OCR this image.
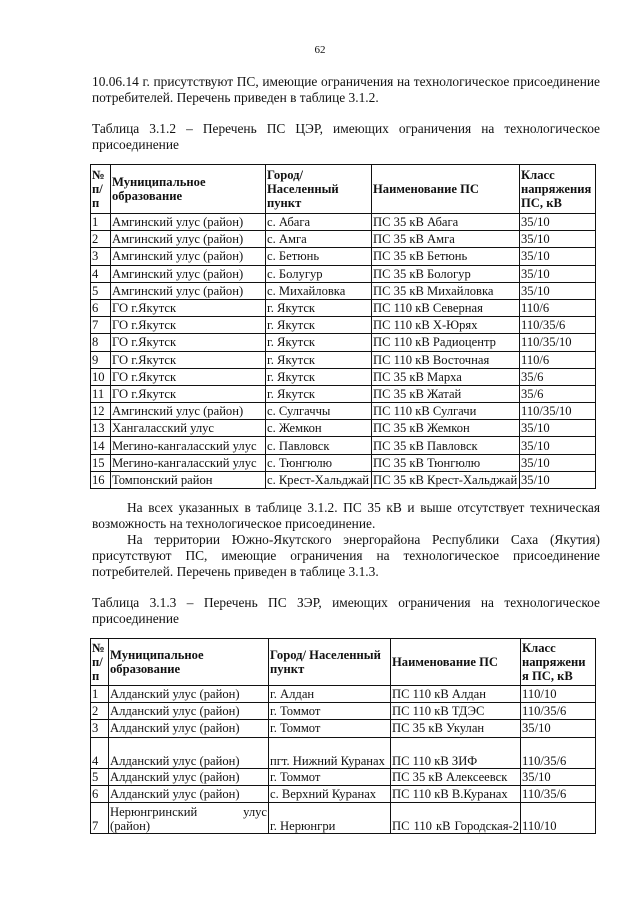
62

10.06.14 г. присутствуют ПС, имеющие ограничения на технологическое присоединение потребителей. Перечень приведен в таблице 3.1.2.

Таблица 3.1.2 – Перечень ПС ЦЭР, имеющих ограничения на технологическое присоединение

№ п/п	Муниципальное образование	Город/ Населенный пункт	Наименование ПС	Класс напряжения ПС, кВ
1	Амгинский улус (район)	с. Абага	ПС 35 кВ Абага	35/10
2	Амгинский улус (район)	с. Амга	ПС 35 кВ Амга	35/10
3	Амгинский улус (район)	с. Бетюнь	ПС 35 кВ Бетюнь	35/10
4	Амгинский улус (район)	с. Болугур	ПС 35 кВ Бологур	35/10
5	Амгинский улус (район)	с. Михайловка	ПС 35 кВ Михайловка	35/10
6	ГО г.Якутск	г. Якутск	ПС 110 кВ Северная	110/6
7	ГО г.Якутск	г. Якутск	ПС 110 кВ Х-Юрях	110/35/6
8	ГО г.Якутск	г. Якутск	ПС 110 кВ Радиоцентр	110/35/10
9	ГО г.Якутск	г. Якутск	ПС 110 кВ Восточная	110/6
10	ГО г.Якутск	г. Якутск	ПС 35 кВ Марха	35/6
11	ГО г.Якутск	г. Якутск	ПС 35 кВ Жатай	35/6
12	Амгинский улус (район)	с. Сулгаччы	ПС 110 кВ Сулгачи	110/35/10
13	Хангаласский улус	с. Жемкон	ПС 35 кВ Жемкон	35/10
14	Мегино-кангаласский улус	с. Павловск	ПС 35 кВ Павловск	35/10
15	Мегино-кангаласский улус	с. Тюнгюлю	ПС 35 кВ Тюнгюлю	35/10
16	Томпонский район	с. Крест-Хальджай	ПС 35 кВ Крест-Хальджай	35/10

На всех указанных в таблице 3.1.2. ПС 35 кВ и выше отсутствует техническая возможность на технологическое присоединение.

На территории Южно-Якутского энергорайона Республики Саха (Якутия) присутствуют ПС, имеющие ограничения на технологическое присоединение потребителей. Перечень приведен в таблице 3.1.3.

Таблица 3.1.3 – Перечень ПС ЗЭР, имеющих ограничения на технологическое присоединение

№ п/ п	Муниципальное образование	Город/ Населенный пункт	Наименование ПС	Класс напряжени я ПС, кВ
1	Алданский улус (район)	г. Алдан	ПС 110 кВ Алдан	110/10
2	Алданский улус (район)	г. Томмот	ПС 110 кВ ТДЭС	110/35/6
3	Алданский улус (район)	г. Томмот	ПС 35 кВ Укулан	35/10
4	Алданский улус (район)	пгт. Нижний Куранах	ПС 110 кВ ЗИФ	110/35/6
5	Алданский улус (район)	г. Томмот	ПС 35 кВ Алексеевск	35/10
6	Алданский улус (район)	с. Верхний Куранах	ПС 110 кВ В.Куранах	110/35/6
7	Нерюнгринский улус (район)	г. Нерюнгри	ПС 110 кВ Городская-2	110/10
